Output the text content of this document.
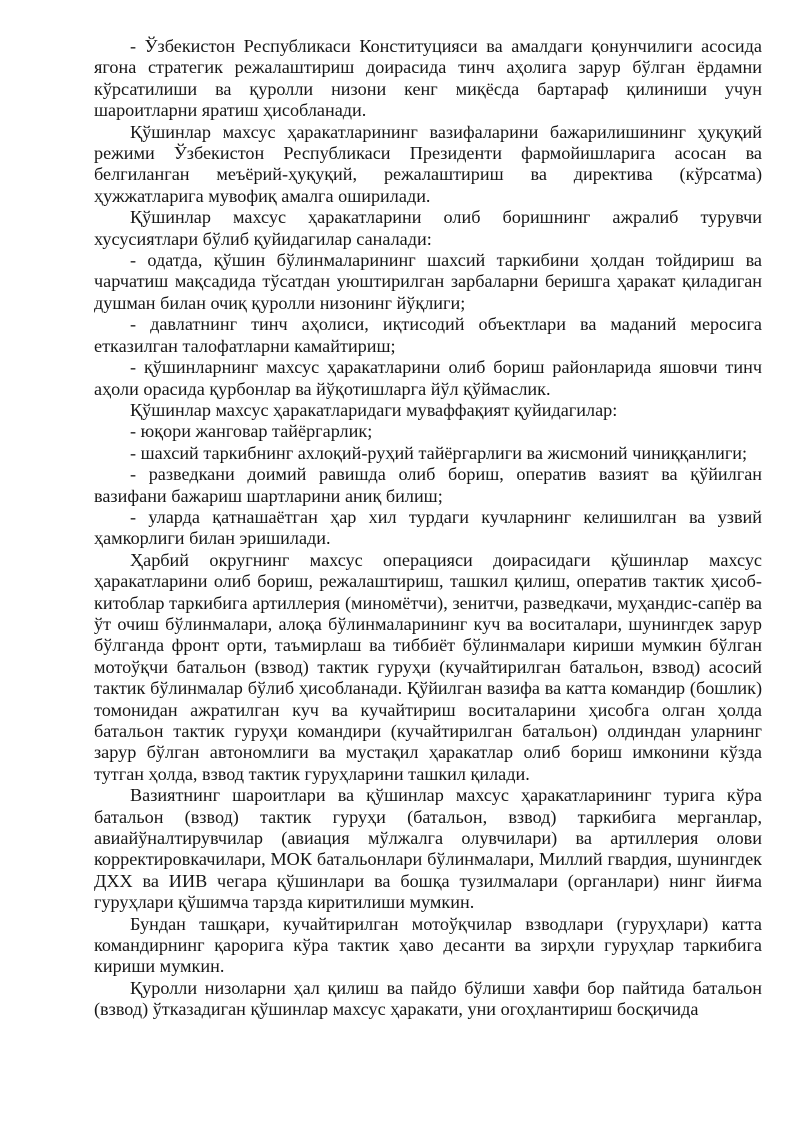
- Ўзбекистон Республикаси Конституцияси ва амалдаги қонунчилиги асосида ягона стратегик режалаштириш доирасида тинч аҳолига зарур бўлган ёрдамни кўрсатилиши ва қуролли низони кенг миқёсда бартараф қилиниши учун шароитларни яратиш ҳисобланади.

Қўшинлар махсус ҳаракатларининг вазифаларини бажарилишининг ҳуқуқий режими Ўзбекистон Республикаси Президенти фармойишларига асосан ва белгиланган меъёрий-ҳуқуқий, режалаштириш ва директива (кўрсатма) ҳужжатларига мувофиқ амалга оширилади.

Қўшинлар махсус ҳаракатларини олиб боришнинг ажралиб турувчи хусусиятлари бўлиб қуйидагилар саналади:

- одатда, қўшин бўлинмаларининг шахсий таркибини ҳолдан тойдириш ва чарчатиш мақсадида тўсатдан уюштирилган зарбаларни беришга ҳаракат қиладиган душман билан очиқ қуролли низонинг йўқлиги;

- давлатнинг тинч аҳолиси, иқтисодий объектлари ва маданий меросига етказилган талофатларни камайтириш;

- қўшинларнинг махсус ҳаракатларини олиб бориш районларида яшовчи тинч аҳоли орасида қурбонлар ва йўқотишларга йўл қўймаслик.

Қўшинлар махсус ҳаракатларидаги муваффақият қуйидагилар:

- юқори жанговар тайёргарлик;

- шахсий таркибнинг ахлоқий-руҳий тайёргарлиги ва жисмоний чиниққанлиги;

- разведкани доимий равишда олиб бориш, оператив вазият ва қўйилган вазифани бажариш шартларини аниқ билиш;

- уларда қатнашаётган ҳар хил турдаги кучларнинг келишилган ва узвий ҳамкорлиги билан эришилади.

Ҳарбий округнинг махсус операцияси доирасидаги қўшинлар махсус ҳаракатларини олиб бориш, режалаштириш, ташкил қилиш, оператив тактик ҳисоб-китоблар таркибига артиллерия (миномётчи), зенитчи, разведкачи, муҳандис-сапёр ва ўт очиш бўлинмалари, алоқа бўлинмаларининг куч ва воситалари, шунингдек зарур бўлганда фронт орти, таъмирлаш ва тиббиёт бўлинмалари кириши мумкин бўлган мотоўқчи батальон (взвод) тактик гуруҳи (кучайтирилган батальон, взвод) асосий тактик бўлинмалар бўлиб ҳисобланади. Қўйилган вазифа ва катта командир (бошлик) томонидан ажратилган куч ва кучайтириш воситаларини ҳисобга олган ҳолда батальон тактик гуруҳи командири (кучайтирилган батальон) олдиндан уларнинг зарур бўлган автономлиги ва мустақил ҳаракатлар олиб бориш имконини кўзда тутган ҳолда, взвод тактик гуруҳларини ташкил қилади.

Вазиятнинг шароитлари ва қўшинлар махсус ҳаракатларининг турига кўра батальон (взвод) тактик гуруҳи (батальон, взвод) таркибига мерганлар, авиайўналтирувчилар (авиация мўлжалга олувчилари) ва артиллерия олови корректировкачилари, МОК батальонлари бўлинмалари, Миллий гвардия, шунингдек ДХХ ва ИИВ чегара қўшинлари ва бошқа тузилмалари (органлари) нинг йиғма гуруҳлари қўшимча тарзда киритилиши мумкин.

Бундан ташқари, кучайтирилган мотоўқчилар взводлари (гуруҳлари) катта командирнинг қарорига кўра тактик ҳаво десанти ва зирҳли гуруҳлар таркибига кириши мумкин.

Қуролли низоларни ҳал қилиш ва пайдо бўлиши хавфи бор пайтида батальон (взвод) ўтказадиган қўшинлар махсус ҳаракати, уни огоҳлантириш босқичида
